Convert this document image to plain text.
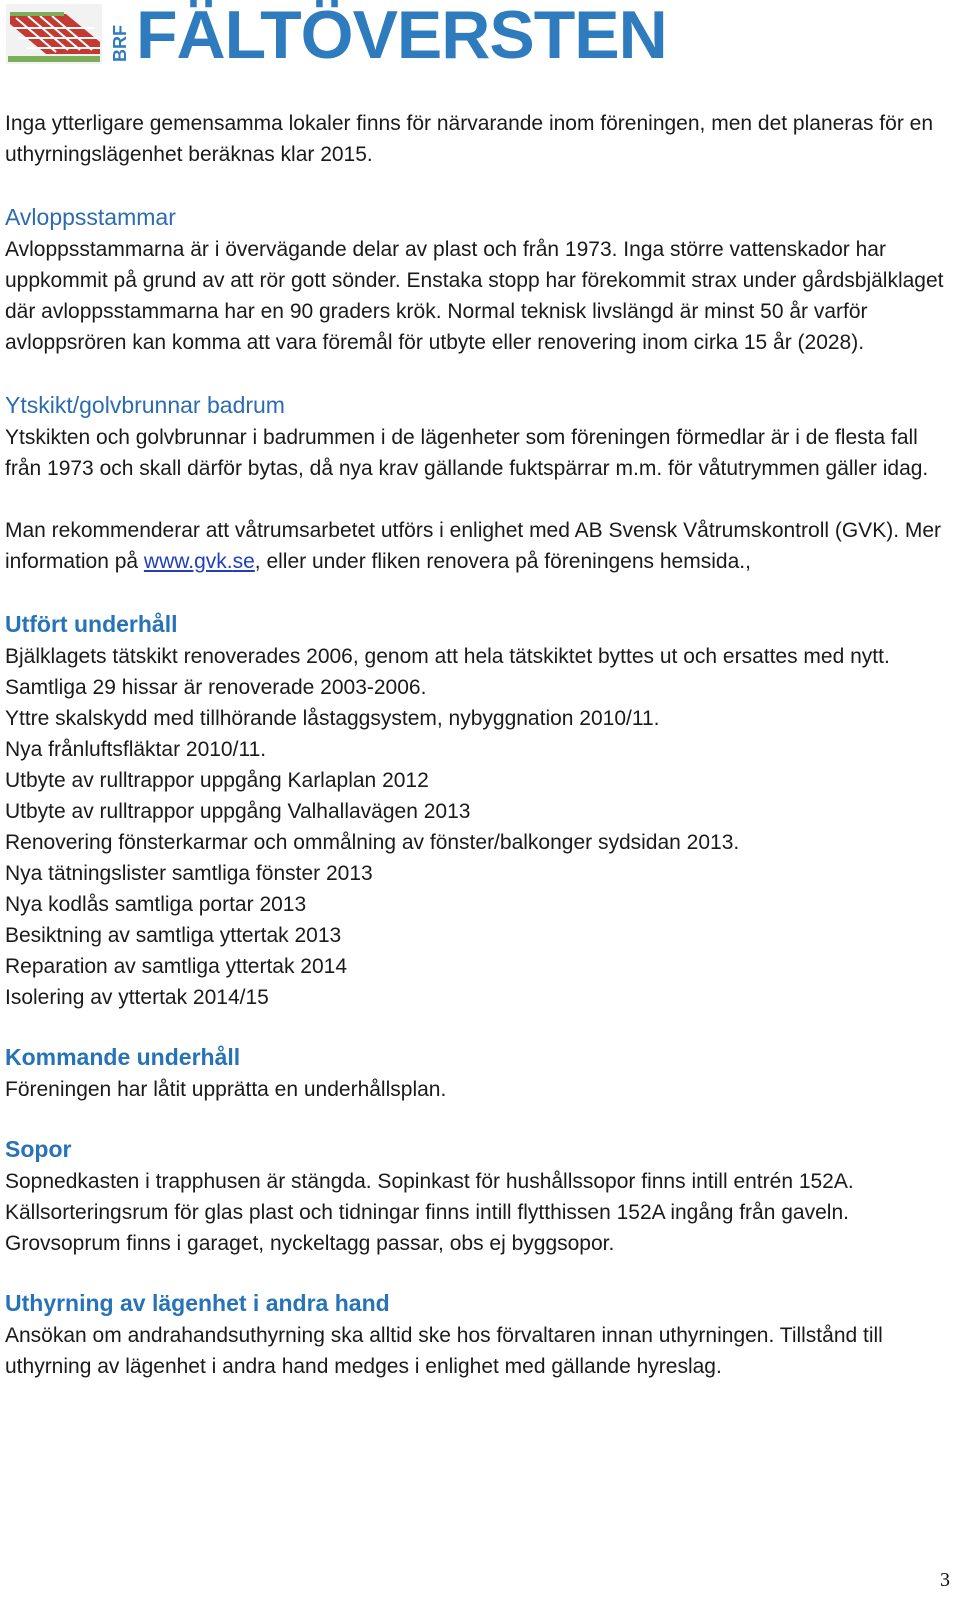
BRF FÄLTÖVERSTEN

Inga ytterligare gemensamma lokaler finns för närvarande inom föreningen, men det planeras för en uthyrningslägenhet beräknas klar 2015.

Avloppsstammar

Avloppsstammarna är i övervägande delar av plast och från 1973. Inga större vattenskador har uppkommit på grund av att rör gott sönder. Enstaka stopp har förekommit strax under gårdsbjälklaget där avloppsstammarna har en 90 graders krök. Normal teknisk livslängd är minst 50 år varför avloppsrören kan komma att vara föremål för utbyte eller renovering inom cirka 15 år (2028).

Ytskikt/golvbrunnar badrum

Ytskikten och golvbrunnar i badrummen i de lägenheter som föreningen förmedlar är i de flesta fall från 1973 och skall därför bytas, då nya krav gällande fuktspärrar m.m. för våtutrymmen gäller idag.

Man rekommenderar att våtrumsarbetet utförs i enlighet med AB Svensk Våtrumskontroll (GVK). Mer information på www.gvk.se, eller under fliken renovera på föreningens hemsida.,

Utfört underhåll

Bjälklagets tätskikt renoverades 2006, genom att hela tätskiktet byttes ut och ersattes med nytt.

Samtliga 29 hissar är renoverade 2003-2006.

Yttre skalskydd med tillhörande låstaggsystem, nybyggnation 2010/11.

Nya frånluftsfläktar 2010/11.

Utbyte av rulltrappor uppgång Karlaplan 2012

Utbyte av rulltrappor uppgång Valhallavägen 2013

Renovering fönsterkarmar och ommålning av fönster/balkonger sydsidan 2013.

Nya tätningslister samtliga fönster 2013

Nya kodlås samtliga portar 2013

Besiktning av samtliga yttertak 2013

Reparation av samtliga yttertak 2014

Isolering av yttertak 2014/15

Kommande underhåll

Föreningen har låtit upprätta en underhållsplan.

Sopor

Sopnedkasten i trapphusen är stängda. Sopinkast för hushållssopor finns intill entrén 152A.

Källsorteringsrum för glas plast och tidningar finns intill flytthissen 152A ingång från gaveln.

Grovsoprum finns i garaget, nyckeltagg passar, obs ej byggsopor.

Uthyrning av lägenhet i andra hand

Ansökan om andrahandsuthyrning ska alltid ske hos förvaltaren innan uthyrningen. Tillstånd till uthyrning av lägenhet i andra hand medges i enlighet med gällande hyreslag.

3
